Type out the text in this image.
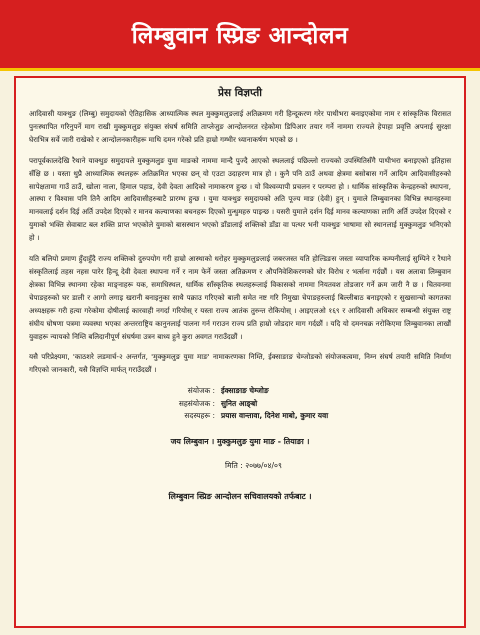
लिम्बुवान स्प्रिङ आन्दोलन
प्रेस विज्ञप्ती

आदिवासी याक्थुङ (लिम्बु) समुदायको ऐतिहासिक आध्यात्मिक स्थल मुक्कुमलुङलाई अतिक्रमण गरी हिन्दूकरण गरेर पाथीभरा बनाइएकोमा नाम र सांस्कृतिक विरासत पुनःस्थापित गरिनुपर्ने माग राखी मुक्कुमलुङ संयुक्त संघर्ष समिति ताप्लेजुङ आन्दोलनरत रहेकोमा डिपिआर तयार गर्ने नाममा राज्यले हेपाहा प्रवृत्ति अपनाई सुरक्षा घेराभित्र सर्वे जारी राखेको र आन्दोलनकारीहरू माथि दमन गरेको प्रति हाम्रो गम्भीर ध्यानाकर्षण भएको छ ।

परापूर्वकालदेखि रैथाने याक्थुङ समुदायले मुक्कुमलुङ युमा माङको नाममा मान्दै पुज्दै आएको स्थललाई पछिल्लो राज्यको उपस्थितिसँगै पाथीभरा बनाइएको इतिहास सँक्षि छ । यस्ता थुप्रै आध्यात्मिक स्थलहरू अतिक्रमित भएका छन् यो एउटा उदाहरण मात्र हो । कुनै पनि ठाउँ अथवा क्षेत्रमा बसोबास गर्ने आदिम आदिवासीहरुको सापेक्षतामा गाउँ ठाउँ, खोला नाला, हिमाल पहाड, देवी देवता आदिको नामाकरण हुन्छ । यो विश्वव्यापी प्रचलन र परम्परा हो । धार्मिक सांस्कृतिक केन्द्रहरुको स्थापना, आस्था र विश्वास पनि तिनै आदिम आदिवासीहरुबाटै प्रारम्भ हुन्छ । युमा याक्थुङ समुदायको अति पूज्य माङ (देवी) हुन् । युमाले लिम्बुवानका विभिन्न स्थानहरुमा मानवलाई दर्शन दिई अर्ति उपदेश दिएको र मानव कल्याणका बचनहरू दिएको मुन्धुमहरु पाइन्छ । यसरी युमाले दर्शन दिई मानव कल्याणका लागि अर्ति उपदेश दिएको र युमाको भक्ति सेवाबाट बल शक्ति प्राप्त भएकोले युमाको बासस्थान भएको डाँडालाई शक्तिको डाँडा वा पत्थर भनी याक्थुङ भाषामा सो स्थानलाई मुक्कुमलुङ भनिएको हो ।

यति बलियो प्रमाण हुँदाहुँदै राज्य शक्तिको दुरुपयोग गरी हाम्रो आस्थाको धरोहर मुक्कुमलुङलाई जबरजस्त यति होल्डिङस जस्ता व्यापारिक कम्पनीलाई सुम्पिने र रैथाने संस्कृतिलाई तहस नहस पारेर हिन्दू देवी देवता स्थापना गर्ने र नाम फेर्ने जस्ता अतिक्रमण र औपनिवेशिकरणको घोर विरोध र भर्त्सना गर्दछौं । यस अलावा लिम्बुवान क्षेत्रका विभिन्न स्थानमा रहेका माङ्नाहरू यक, समाधिस्थल, धार्मिक साँस्कृतिक स्थलहरूलाई विकासको नाममा नियतवश तोडजार गर्ने क्रम जारी नै छ । चितवनमा चेपाङहरुको घर डाली र आगो लगाइ खरानी बनाइनुका साथै पक्राउ गरिएको बाली समेत नष्ट गरि निमुखा चेपाङहरुलाई बिल्लीबाठ बनाइएको र सुखसान्चो कागतका अध्यक्षहरू गरी हत्या गरेकोमा दोषीलाई कारवाही नगर्दा गरियोस् र यस्ता राज्य आतंक तुरुन्त रोकियोस् । आइएलओ १६९ र आदिवासी अधिकार सम्बन्धी संयुक्त राष्ट्र संघीय घोषणा पत्रमा व्यवस्था भएका अन्तरराष्ट्रिय कानुनलाई पालना गर्न गराउन राज्य प्रति हाम्रो जोडदार माग गर्दछौं । यदि यो दमनचक्र नरोकिएमा लिम्बुवानका लाखौं युवाहरू न्यायको निम्ति बलिदानीपूर्ण संघर्षमा उत्रन बाध्य हुने कुरा अवगत गराउँदछौं ।

यसै परिप्रेक्ष्यमा, 'काठशरे लडमार्च-२ अन्तर्गत, 'मुक्कुमलुङ युमा माङ' नामाकरणका निम्ति, ईक्साङाङ चेम्जोङको संयोजकत्वमा, निम्न संघर्ष तयारी समिति निर्माण गरिएको जानकारी, यसै विज्ञप्ति मार्फत् गराउँदछौं ।

संयोजक : ईक्साङाङ चेम्जोङ
सहसंयोजक : सुनित आङ्बो
सदस्यहरू : प्रयास वान्तावा, दिनेश माबो, कुमार यवा
जय लिम्बुवान । मुक्कुमलुङ युमा माङ - तियाङा ।
मिति : २०७७/०४/०९
लिम्बुवान स्प्रिङ आन्दोलन सचिवालयको तर्फबाट ।
